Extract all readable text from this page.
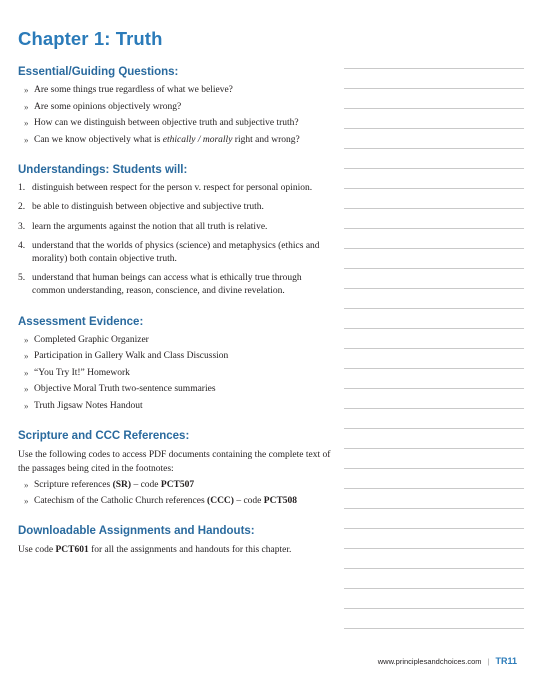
Chapter 1: Truth
Essential/Guiding Questions:
» Are some things true regardless of what we believe?
» Are some opinions objectively wrong?
» How can we distinguish between objective truth and subjective truth?
» Can we know objectively what is ethically / morally right and wrong?
Understandings: Students will:
1. distinguish between respect for the person v. respect for personal opinion.
2. be able to distinguish between objective and subjective truth.
3. learn the arguments against the notion that all truth is relative.
4. understand that the worlds of physics (science) and metaphysics (ethics and morality) both contain objective truth.
5. understand that human beings can access what is ethically true through common understanding, reason, conscience, and divine revelation.
Assessment Evidence:
» Completed Graphic Organizer
» Participation in Gallery Walk and Class Discussion
» “You Try It!” Homework
» Objective Moral Truth two-sentence summaries
» Truth Jigsaw Notes Handout
Scripture and CCC References:
Use the following codes to access PDF documents containing the complete text of the passages being cited in the footnotes:
» Scripture references (SR) – code PCT507
» Catechism of the Catholic Church references (CCC) – code PCT508
Downloadable Assignments and Handouts:
Use code PCT601 for all the assignments and handouts for this chapter.
www.principlesandchoices.com | TR11
